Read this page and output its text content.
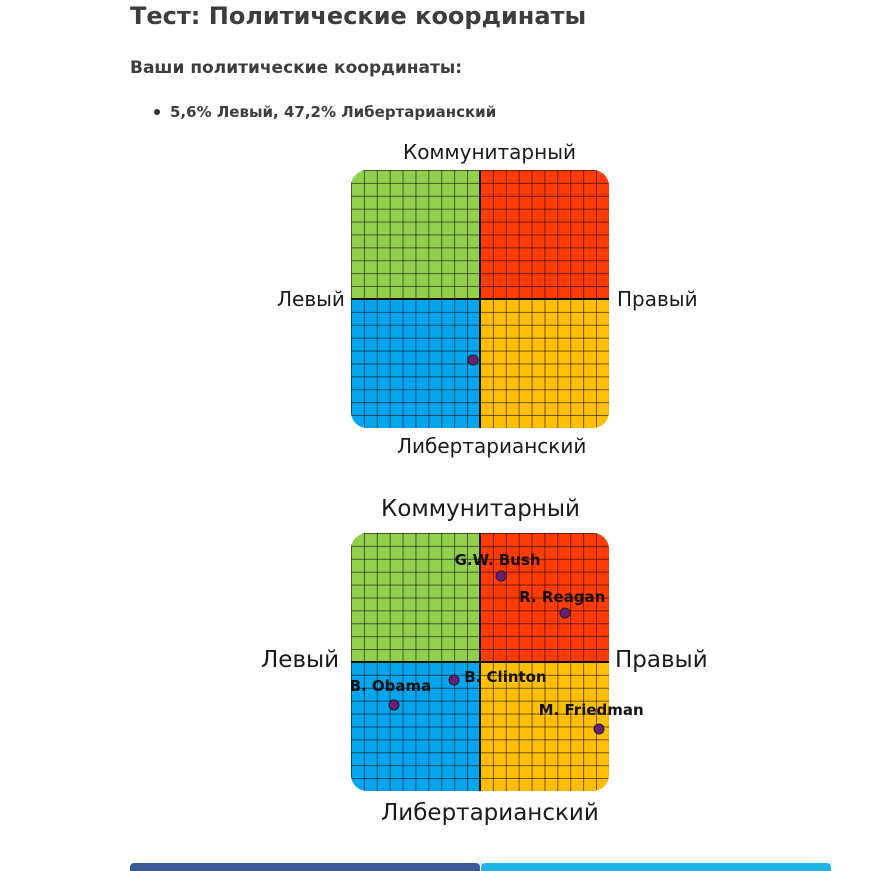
Тест: Политические координаты
Ваши политические координаты:
5,6% Левый, 47,2% Либертарианский
Коммунитарный
Левый	Правый
Либертарианский
Коммунитарный
Левый	Правый
Либертарианский
G.W. Bush
R. Reagan
B. Clinton
B. Obama
M. Friedman
